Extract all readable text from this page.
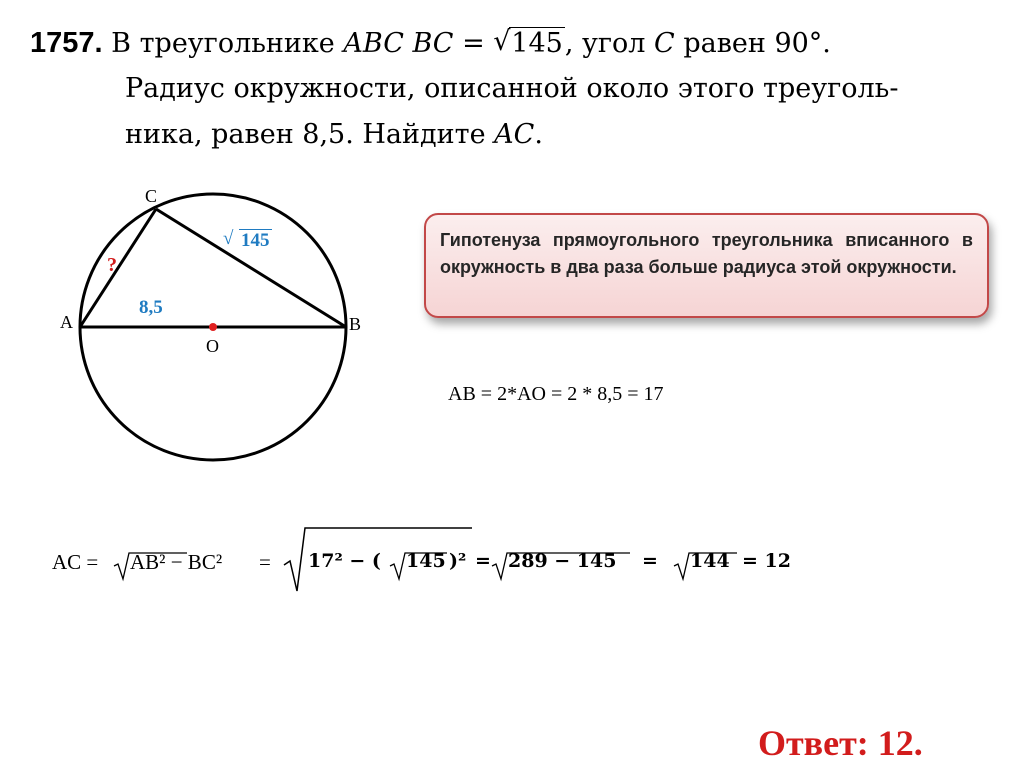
1757. В треугольнике ABC BC = √ 145, угол C равен 90°.
Радиус окружности, описанной около этого треуголь-
ника, равен 8,5. Найдите AC.
C
A	B
O
√ 145
8,5
?
Гипотенуза прямоугольного треугольника вписанного в окружность в два раза больше радиуса этой окружности.
AB = 2*AO = 2 * 8,5 = 17
AC = AB² − BC² = 17² − ( 145 )² = 289 − 145 = 144 = 12
Ответ: 12.
